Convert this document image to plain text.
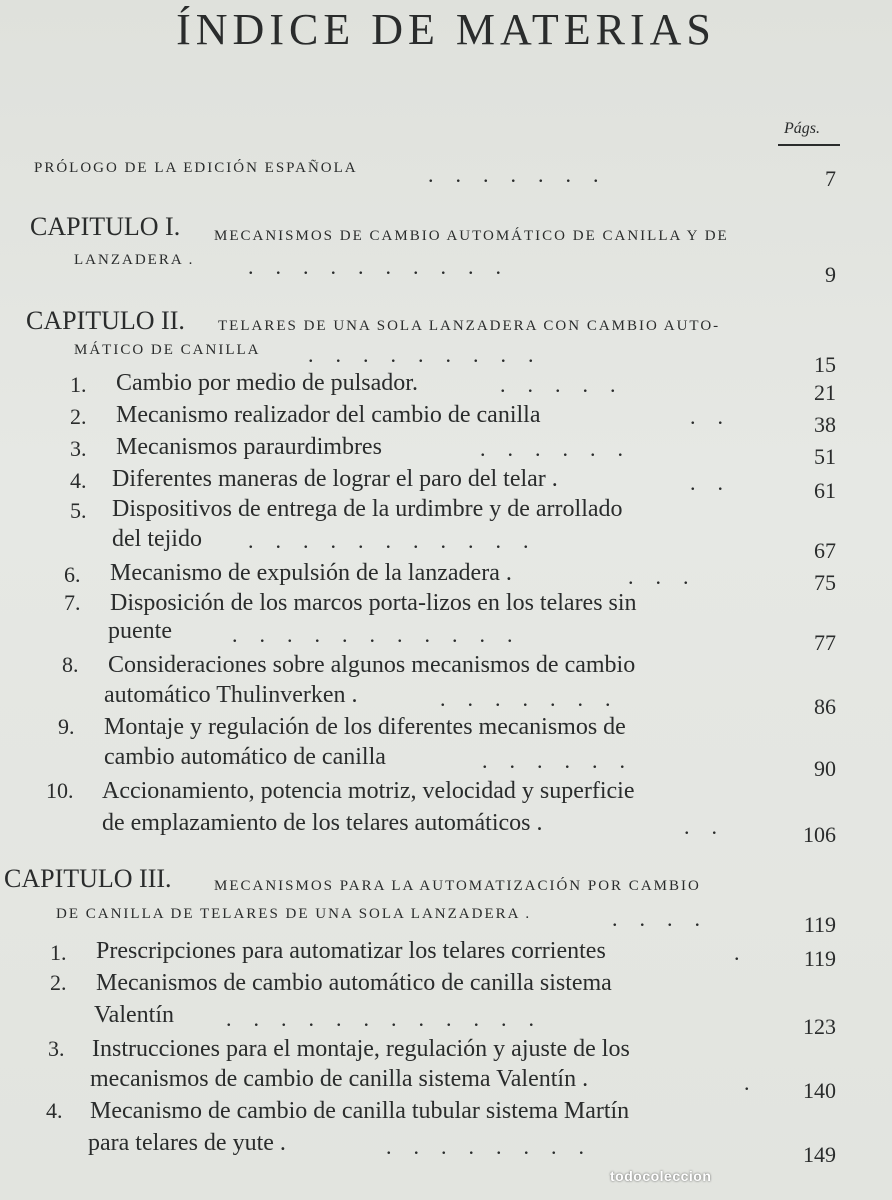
ÍNDICE DE MATERIAS
Págs.
PRÓLOGO DE LA EDICIÓN ESPAÑOLA	.......	7
CAPITULO I. MECANISMOS DE CAMBIO AUTOMÁTICO DE CANILLA Y DE
LANZADERA . ..........	9
CAPITULO II. TELARES DE UNA SOLA LANZADERA CON CAMBIO AUTO-
MÁTICO DE CANILLA .........	15
1. Cambio por medio de pulsador.	.....	21
2. Mecanismo realizador del cambio de canilla	..	38
3. Mecanismos paraurdimbres	......	51
4. Diferentes maneras de lograr el paro del telar .	..	61
5. Dispositivos de entrega de la urdimbre y de arrollado
del tejido ...........	67
6. Mecanismo de expulsión de la lanzadera .	...	75
7. Disposición de los marcos porta-lizos en los telares sin
puente	...........	77
8. Consideraciones sobre algunos mecanismos de cambio
automático Thulinverken .	.......	86
9. Montaje y regulación de los diferentes mecanismos de
cambio automático de canilla	......	90
10. Accionamiento, potencia motriz, velocidad y superficie
de emplazamiento de los telares automáticos .	..	106
CAPITULO III.	MECANISMOS PARA LA AUTOMATIZACIÓN POR CAMBIO
DE CANILLA DE TELARES DE UNA SOLA LANZADERA .	....	119
1. Prescripciones para automatizar los telares corrientes	. 119
2. Mecanismos de cambio automático de canilla sistema
Valentín ............	123
3. Instrucciones para el montaje, regulación y ajuste de los
mecanismos de cambio de canilla sistema Valentín .	. 140
4. Mecanismo de cambio de canilla tubular sistema Martín
para telares de yute .	........	149
todocoleccion
